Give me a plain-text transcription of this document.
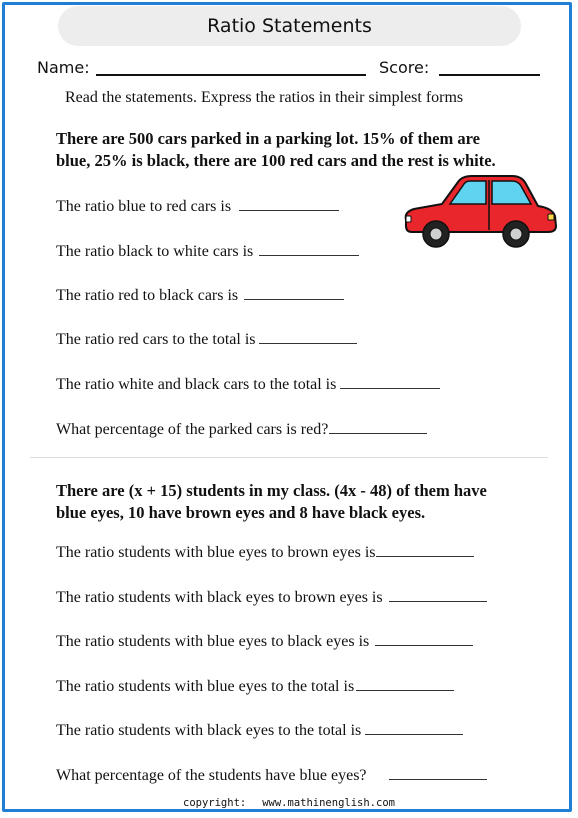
Ratio Statements
Name:	Score:
Read the statements. Express the ratios in their simplest forms
There are 500 cars parked in a parking lot. 15% of them are
blue, 25% is black, there are 100 red cars and the rest is white.
The ratio blue to red cars is
The ratio black to white cars is
The ratio red to black cars is
The ratio red cars to the total is
The ratio white and black cars to the total is
What percentage of the parked cars is red?
There are (x + 15) students in my class. (4x - 48) of them have
blue eyes, 10 have brown eyes and 8 have black eyes.
The ratio students with blue eyes to brown eyes is
The ratio students with black eyes to brown eyes is
The ratio students with blue eyes to black eyes is
The ratio students with blue eyes to the total is
The ratio students with black eyes to the total is
What percentage of the students have blue eyes?
copyright: www.mathinenglish.com
